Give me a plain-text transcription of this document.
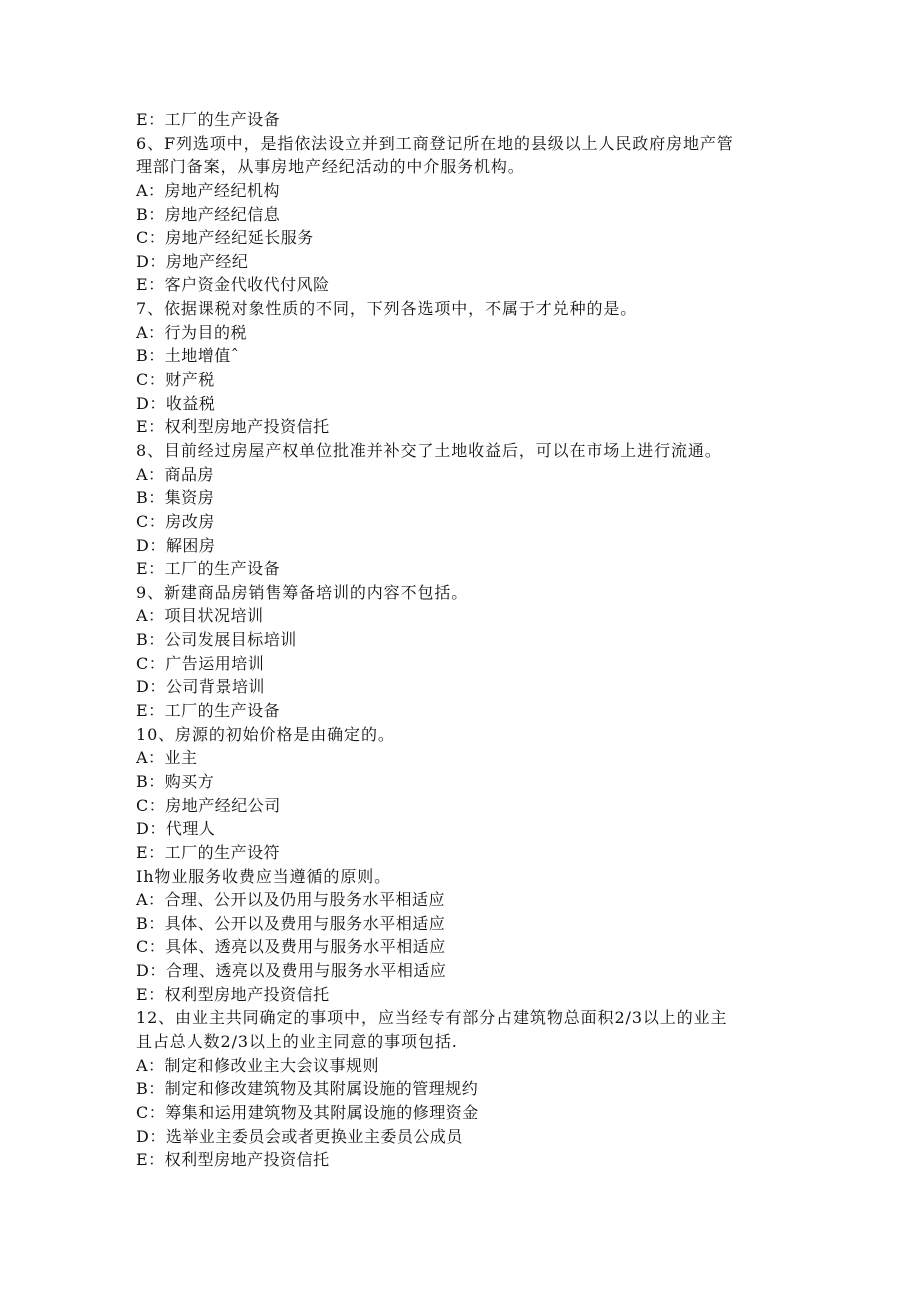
E：工厂的生产设备

6、F列选项中，是指依法设立并到工商登记所在地的县级以上人民政府房地产管

理部门备案，从事房地产经纪活动的中介服务机构。

A：房地产经纪机构

B：房地产经纪信息

C：房地产经纪延长服务

D：房地产经纪

E：客户资金代收代付风险

7、依据课税对象性质的不同，下列各选项中，不属于才兑种的是。

A：行为目的税

B：土地增值ˆ

C：财产税

D：收益税

E：权利型房地产投资信托

8、目前经过房屋产权单位批准并补交了土地收益后，可以在市场上进行流通。

A：商品房

B：集资房

C：房改房

D：解困房

E：工厂的生产设备

9、新建商品房销售筹备培训的内容不包括。

A：项目状况培训

B：公司发展目标培训

C：广告运用培训

D：公司背景培训

E：工厂的生产设备

10、房源的初始价格是由确定的。

A：业主

B：购买方

C：房地产经纪公司

D：代理人

E：工厂的生产设符

Ih物业服务收费应当遵循的原则。

A：合理、公开以及仍用与股务水平相适应

B：具体、公开以及费用与服务水平相适应

C：具体、透亮以及费用与服务水平相适应

D：合理、透亮以及费用与服务水平相适应

E：权利型房地产投资信托

12、由业主共同确定的事项中，应当经专有部分占建筑物总面积2/3以上的业主

且占总人数2/3以上的业主同意的事项包括.

A：制定和修改业主大会议事规则

B：制定和修改建筑物及其附属设施的管理规约

C：筹集和运用建筑物及其附属设施的修理资金

D：选举业主委员会或者更换业主委员公成员

E：权利型房地产投资信托
